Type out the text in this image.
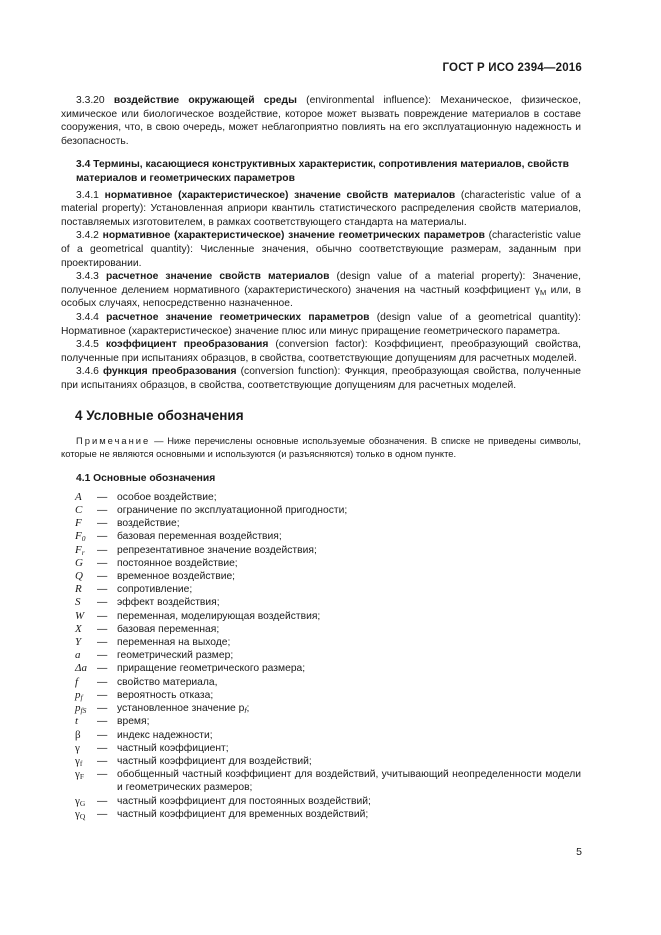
ГОСТ Р ИСО 2394—2016

3.3.20 воздействие окружающей среды (environmental influence): Механическое, физическое, химическое или биологическое воздействие, которое может вызвать повреждение материалов в составе сооружения, что, в свою очередь, может неблагоприятно повлиять на его эксплуатационную надежность и безопасность.

3.4 Термины, касающиеся конструктивных характеристик, сопротивления материалов, свойств материалов и геометрических параметров

3.4.1 нормативное (характеристическое) значение свойств материалов (characteristic value of a material property): Установленная априори квантиль статистического распределения свойств материалов, поставляемых изготовителем, в рамках соответствующего стандарта на материалы.

3.4.2 нормативное (характеристическое) значение геометрических параметров (characteristic value of a geometrical quantity): Численные значения, обычно соответствующие размерам, заданным при проектировании.

3.4.3 расчетное значение свойств материалов (design value of a material property): Значение, полученное делением нормативного (характеристического) значения на частный коэффициент $\gamma_M$ или, в особых случаях, непосредственно назначенное.

3.4.4 расчетное значение геометрических параметров (design value of a geometrical quantity): Нормативное (характеристическое) значение плюс или минус приращение геометрического параметра.

3.4.5 коэффициент преобразования (conversion factor): Коэффициент, преобразующий свойства, полученные при испытаниях образцов, в свойства, соответствующие допущениям для расчетных моделей.

3.4.6 функция преобразования (conversion function): Функция, преобразующая свойства, полученные при испытаниях образцов, в свойства, соответствующие допущениям для расчетных моделей.

4 Условные обозначения

Примечание — Ниже перечислены основные используемые обозначения. В списке не приведены символы, которые не являются основными и используются (и разъясняются) только в одном пункте.

4.1 Основные обозначения
A	— особое воздействие;
C	— ограничение по эксплуатационной пригодности;
F	— воздействие;
$F_0$	— базовая переменная воздействия;
$F_r$	— репрезентативное значение воздействия;
G	— постоянное воздействие;
Q	— временное воздействие;
R	— сопротивление;
S	— эффект воздействия;
W	— переменная, моделирующая воздействия;
X	— базовая переменная;
Y	— переменная на выходе;
a	— геометрический размер;
Δa — приращение геометрического размера;
f	— свойство материала,
$p_f$	— вероятность отказа;
$p_{fS}$	— установленное значение $p_f$;
t	— время;
β	— индекс надежности;
γ	— частный коэффициент;
$\gamma_f$	— частный коэффициент для воздействий;
$\gamma_F$	— обобщенный частный коэффициент для воздействий, учитывающий неопределенности модели и геометрических размеров;
$\gamma_G$	— частный коэффициент для постоянных воздействий;
$\gamma_Q$	— частный коэффициент для временных воздействий;
5
